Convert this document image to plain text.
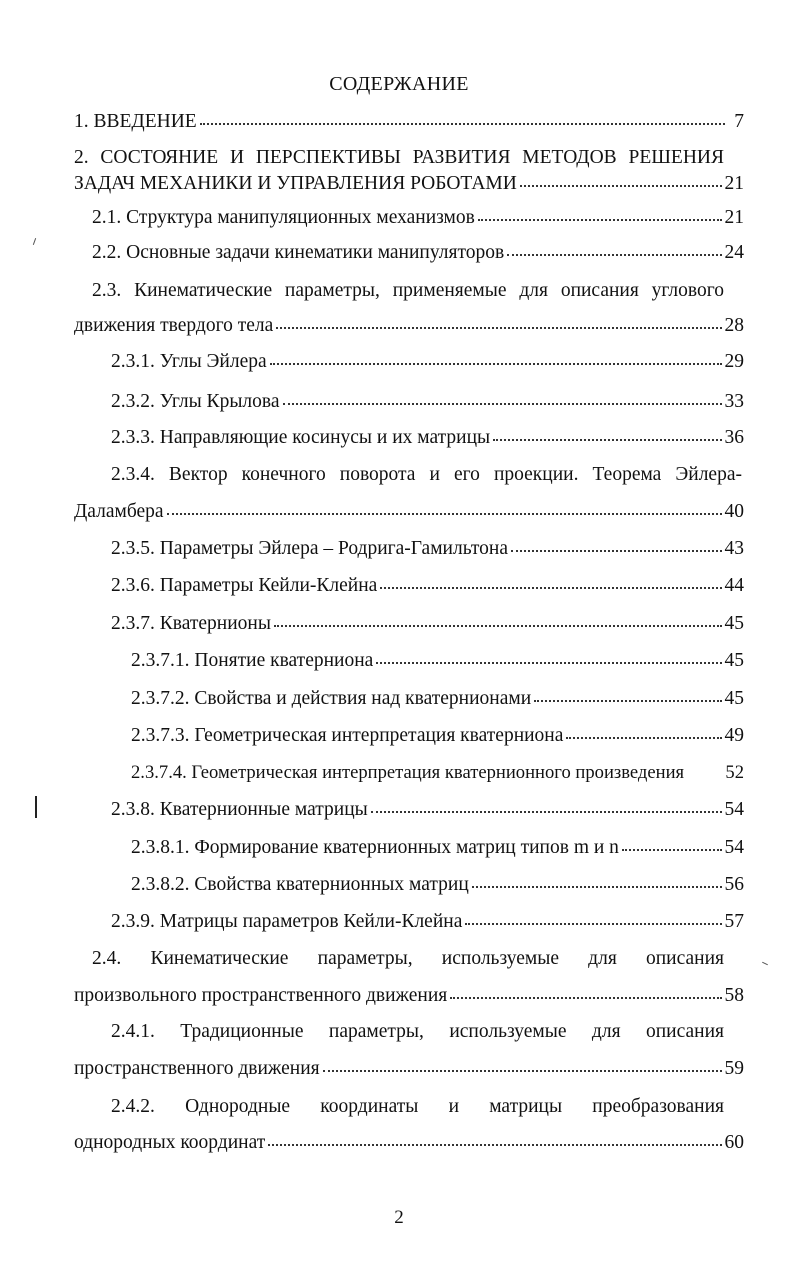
СОДЕРЖАНИЕ
1. ВВЕДЕНИЕ	7
2. СОСТОЯНИЕ И ПЕРСПЕКТИВЫ РАЗВИТИЯ МЕТОДОВ РЕШЕНИЯ
ЗАДАЧ МЕХАНИКИ И УПРАВЛЕНИЯ РОБОТАМИ	21
2.1. Структура манипуляционных механизмов	21
2.2. Основные задачи кинематики манипуляторов	24
2.3. Кинематические параметры, применяемые для описания углового
движения твердого тела	28
2.3.1. Углы Эйлера	29
2.3.2. Углы Крылова	33
2.3.3. Направляющие косинусы и их матрицы	36
2.3.4. Вектор конечного поворота и его проекции. Теорема Эйлера-
Даламбера	40
2.3.5. Параметры Эйлера – Родрига-Гамильтона	43
2.3.6. Параметры Кейли-Клейна	44
2.3.7. Кватернионы	45
2.3.7.1. Понятие кватерниона	45
2.3.7.2. Свойства и действия над кватернионами	45
2.3.7.3. Геометрическая интерпретация кватерниона	49
2.3.7.4. Геометрическая интерпретация кватернионного произведения 52
2.3.8. Кватернионные матрицы	54
2.3.8.1. Формирование кватернионных матриц типов m и n	54
2.3.8.2. Свойства кватернионных матриц	56
2.3.9. Матрицы параметров Кейли-Клейна	57
2.4. Кинематические параметры, используемые для описания
произвольного пространственного движения	58
2.4.1. Традиционные параметры, используемые для описания
пространственного движения	59
2.4.2. Однородные координаты и матрицы преобразования
однородных координат	60
2
